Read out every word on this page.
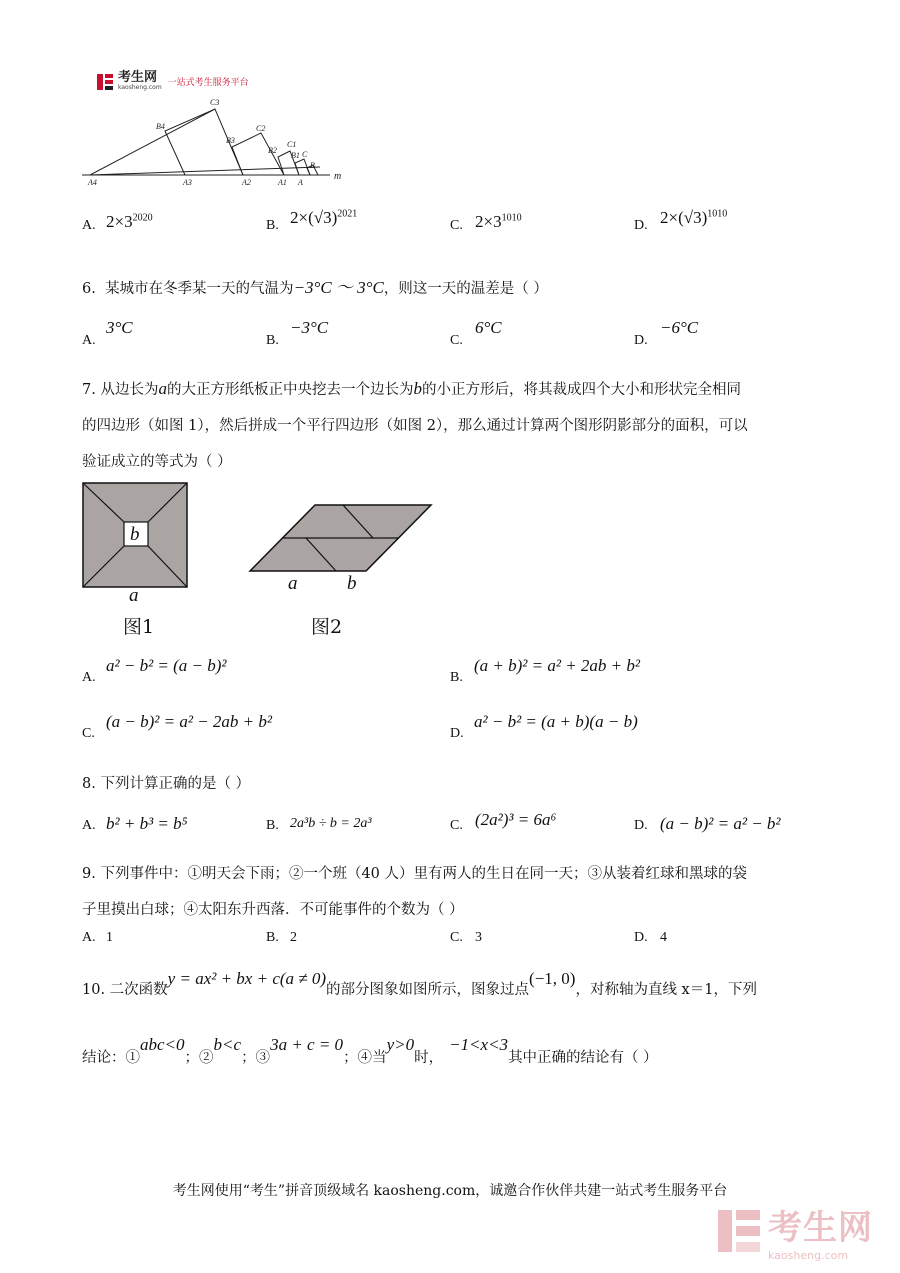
考生网
kaosheng.com 一站式考生服务平台
C3
B4
B3
C2
B2
C1
B1 C
B
A4	A3	A2	A1 A
m
A. $2\times 3^{2020}$
B. $2\times(√3)^{2021}$
C. $2\times 3^{1010}$
D. $2\times(√3)^{1010}$
6. 某城市在冬季某一天的气温为−3°C ～ 3°C，则这一天的温差是（ ）
A.
3°C
B.
−3°C
C.
6°C
D.
−6°C
7. 从边长为a的大正方形纸板正中央挖去一个边长为b的小正方形后，将其裁成四个大小和形状完全相同
的四边形（如图 1），然后拼成一个平行四边形（如图 2），那么通过计算两个图形阴影部分的面积，可以
验证成立的等式为（ ）
b
a
图1
a	b
图2
A.
a² − b² = (a − b)²
B.
(a + b)² = a² + 2ab + b²
C.
(a − b)² = a² − 2ab + b²
D.
a² − b² = (a + b)(a − b)
8. 下列计算正确的是（ ）
A. b² + b³ = b⁵	B. 2a³b ÷ b = 2a³	C. (2a²)³ = 6a⁶	D. (a − b)² = a² − b²
9. 下列事件中：①明天会下雨；②一个班（40 人）里有两人的生日在同一天；③从装着红球和黑球的袋
子里摸出白球；④太阳东升西落．不可能事件的个数为（ ）
A. 1	B. 2	C. 3	D. 4
10. 二次函数y = ax² + bx + c(a ≠ 0)的部分图象如图所示，图象过点(−1, 0)，对称轴为直线 x＝1，下列
结论：①abc<0；②b<c；③3a + c = 0；④当y>0时，−1<x<3其中正确的结论有（ ）
考生网使用“考生”拼音顶级域名 kaosheng.com，诚邀合作伙伴共建一站式考生服务平台
考生网
kaosheng.com
